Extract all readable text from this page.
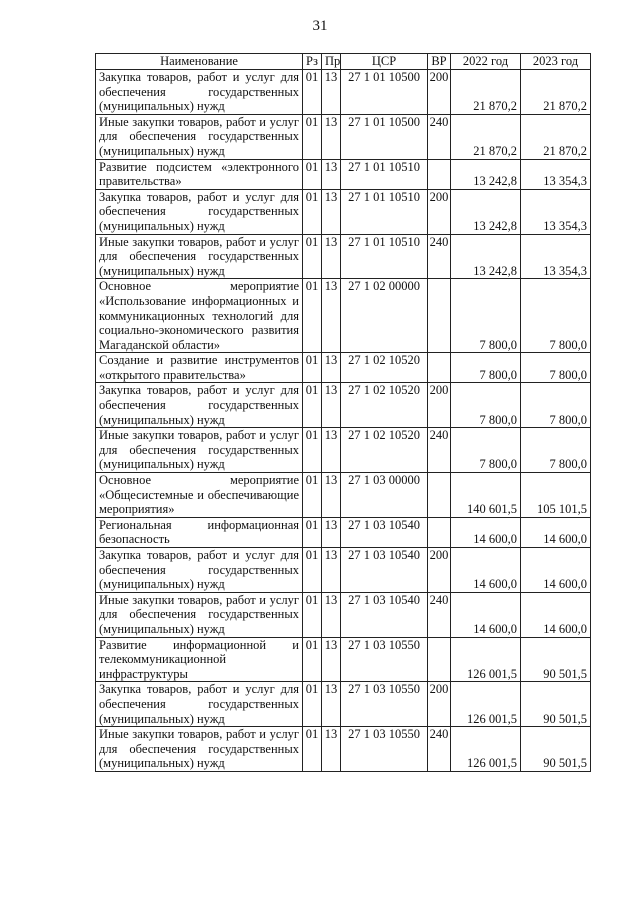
31
Наименование	Рз	Пр	ЦСР	ВР	2022 год	2023 год
Закупка товаров, работ и услуг для обеспечения государственных (муниципальных) нужд	01	13	27 1 01 10500	200	21 870,2	21 870,2
Иные закупки товаров, работ и услуг для обеспечения государственных (муниципальных) нужд	01	13	27 1 01 10500	240	21 870,2	21 870,2
Развитие подсистем «электронного правительства»	01	13	27 1 01 10510		13 242,8	13 354,3
Закупка товаров, работ и услуг для обеспечения государственных (муниципальных) нужд	01	13	27 1 01 10510	200	13 242,8	13 354,3
Иные закупки товаров, работ и услуг для обеспечения государственных (муниципальных) нужд	01	13	27 1 01 10510	240	13 242,8	13 354,3
Основное мероприятие «Использование информационных и коммуникационных технологий для социально-экономического развития Магаданской области»	01	13	27 1 02 00000		7 800,0	7 800,0
Создание и развитие инструментов «открытого правительства»	01	13	27 1 02 10520		7 800,0	7 800,0
Закупка товаров, работ и услуг для обеспечения государственных (муниципальных) нужд	01	13	27 1 02 10520	200	7 800,0	7 800,0
Иные закупки товаров, работ и услуг для обеспечения государственных (муниципальных) нужд	01	13	27 1 02 10520	240	7 800,0	7 800,0
Основное мероприятие «Общесистемные и обеспечивающие мероприятия»	01	13	27 1 03 00000		140 601,5	105 101,5
Региональная информационная безопасность	01	13	27 1 03 10540		14 600,0	14 600,0
Закупка товаров, работ и услуг для обеспечения государственных (муниципальных) нужд	01	13	27 1 03 10540	200	14 600,0	14 600,0
Иные закупки товаров, работ и услуг для обеспечения государственных (муниципальных) нужд	01	13	27 1 03 10540	240	14 600,0	14 600,0
Развитие информационной и телекоммуникационной инфраструктуры	01	13	27 1 03 10550		126 001,5	90 501,5
Закупка товаров, работ и услуг для обеспечения государственных (муниципальных) нужд	01	13	27 1 03 10550	200	126 001,5	90 501,5
Иные закупки товаров, работ и услуг для обеспечения государственных (муниципальных) нужд	01	13	27 1 03 10550	240	126 001,5	90 501,5
